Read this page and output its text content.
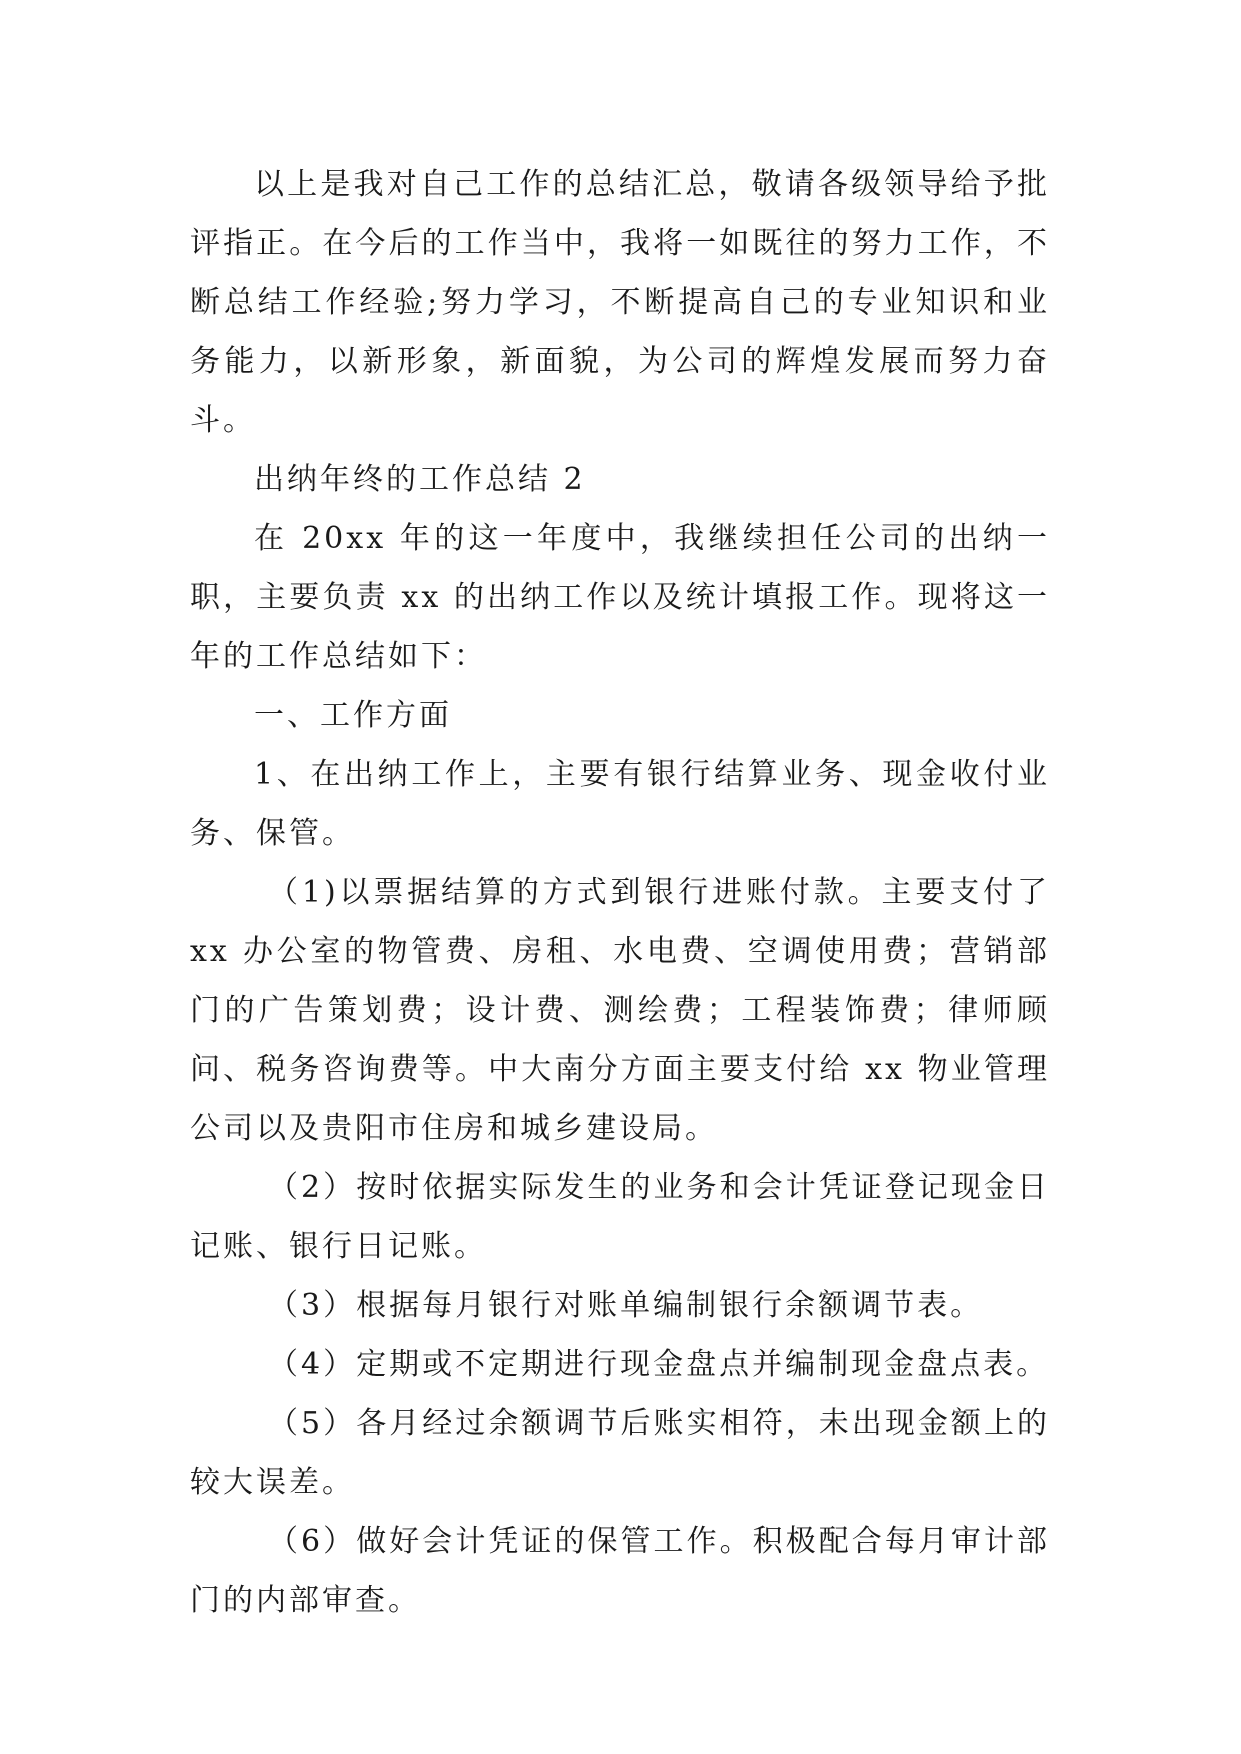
以上是我对自己工作的总结汇总，敬请各级领导给予批评指正。在今后的工作当中，我将一如既往的努力工作，不断总结工作经验;努力学习，不断提高自己的专业知识和业务能力，以新形象，新面貌，为公司的辉煌发展而努力奋斗。

出纳年终的工作总结 2

在 20xx 年的这一年度中，我继续担任公司的出纳一职，主要负责 xx 的出纳工作以及统计填报工作。现将这一年的工作总结如下：

一、工作方面

1、在出纳工作上，主要有银行结算业务、现金收付业务、保管。

（1)以票据结算的方式到银行进账付款。主要支付了 xx 办公室的物管费、房租、水电费、空调使用费；营销部门的广告策划费；设计费、测绘费；工程装饰费；律师顾问、税务咨询费等。中大南分方面主要支付给 xx 物业管理公司以及贵阳市住房和城乡建设局。

（2）按时依据实际发生的业务和会计凭证登记现金日记账、银行日记账。

（3）根据每月银行对账单编制银行余额调节表。

（4）定期或不定期进行现金盘点并编制现金盘点表。

（5）各月经过余额调节后账实相符，未出现金额上的较大误差。

（6）做好会计凭证的保管工作。积极配合每月审计部门的内部审查。
